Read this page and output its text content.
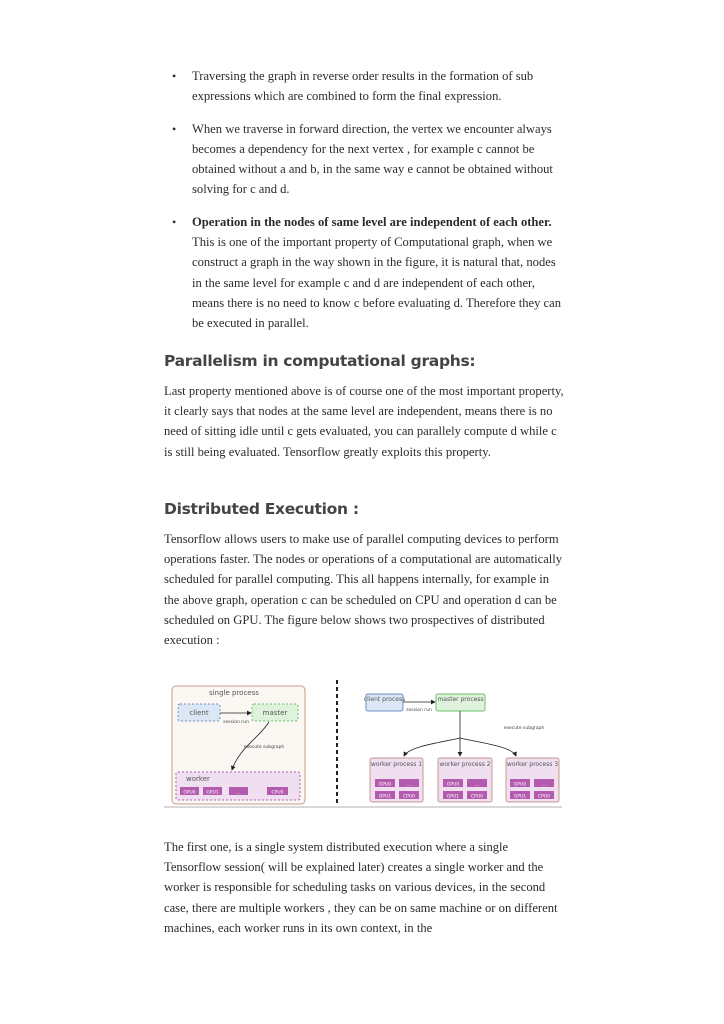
• Traversing the graph in reverse order results in the formation of sub expressions which are combined to form the final expression.
• When we traverse in forward direction, the vertex we encounter always becomes a dependency for the next vertex , for example c cannot be obtained without a and b, in the same way e cannot be obtained without solving for c and d.
• Operation in the nodes of same level are independent of each other. This is one of the important property of Computational graph, when we construct a graph in the way shown in the figure, it is natural that, nodes in the same level for example c and d are independent of each other, means there is no need to know c before evaluating d. Therefore they can be executed in parallel.
Parallelism in computational graphs:

Last property mentioned above is of course one of the most important property, it clearly says that nodes at the same level are independent, means there is no need of sitting idle until c gets evaluated, you can parallely compute d while c is still being evaluated. Tensorflow greatly exploits this property.

Distributed Execution :

Tensorflow allows users to make use of parallel computing devices to perform operations faster. The nodes or operations of a computational are automatically scheduled for parallel computing. This all happens internally, for example in the above graph, operation c can be scheduled on CPU and operation d can be scheduled on GPU. The figure below shows two prospectives of distributed execution :

single process
client	master
session run
execute subgraph
worker
GPU0 GPU1	...	CPU0
client process	master process
session run
execute subgraph
worker process 1
GPU0	...
GPU1	CPU0
worker process 2
GPU0	...
GPU1	CPU0
worker process 3
GPU0	...
GPU1	CPU0

The first one, is a single system distributed execution where a single Tensorflow session( will be explained later) creates a single worker and the worker is responsible for scheduling tasks on various devices, in the second case, there are multiple workers , they can be on same machine or on different machines, each worker runs in its own context, in the
